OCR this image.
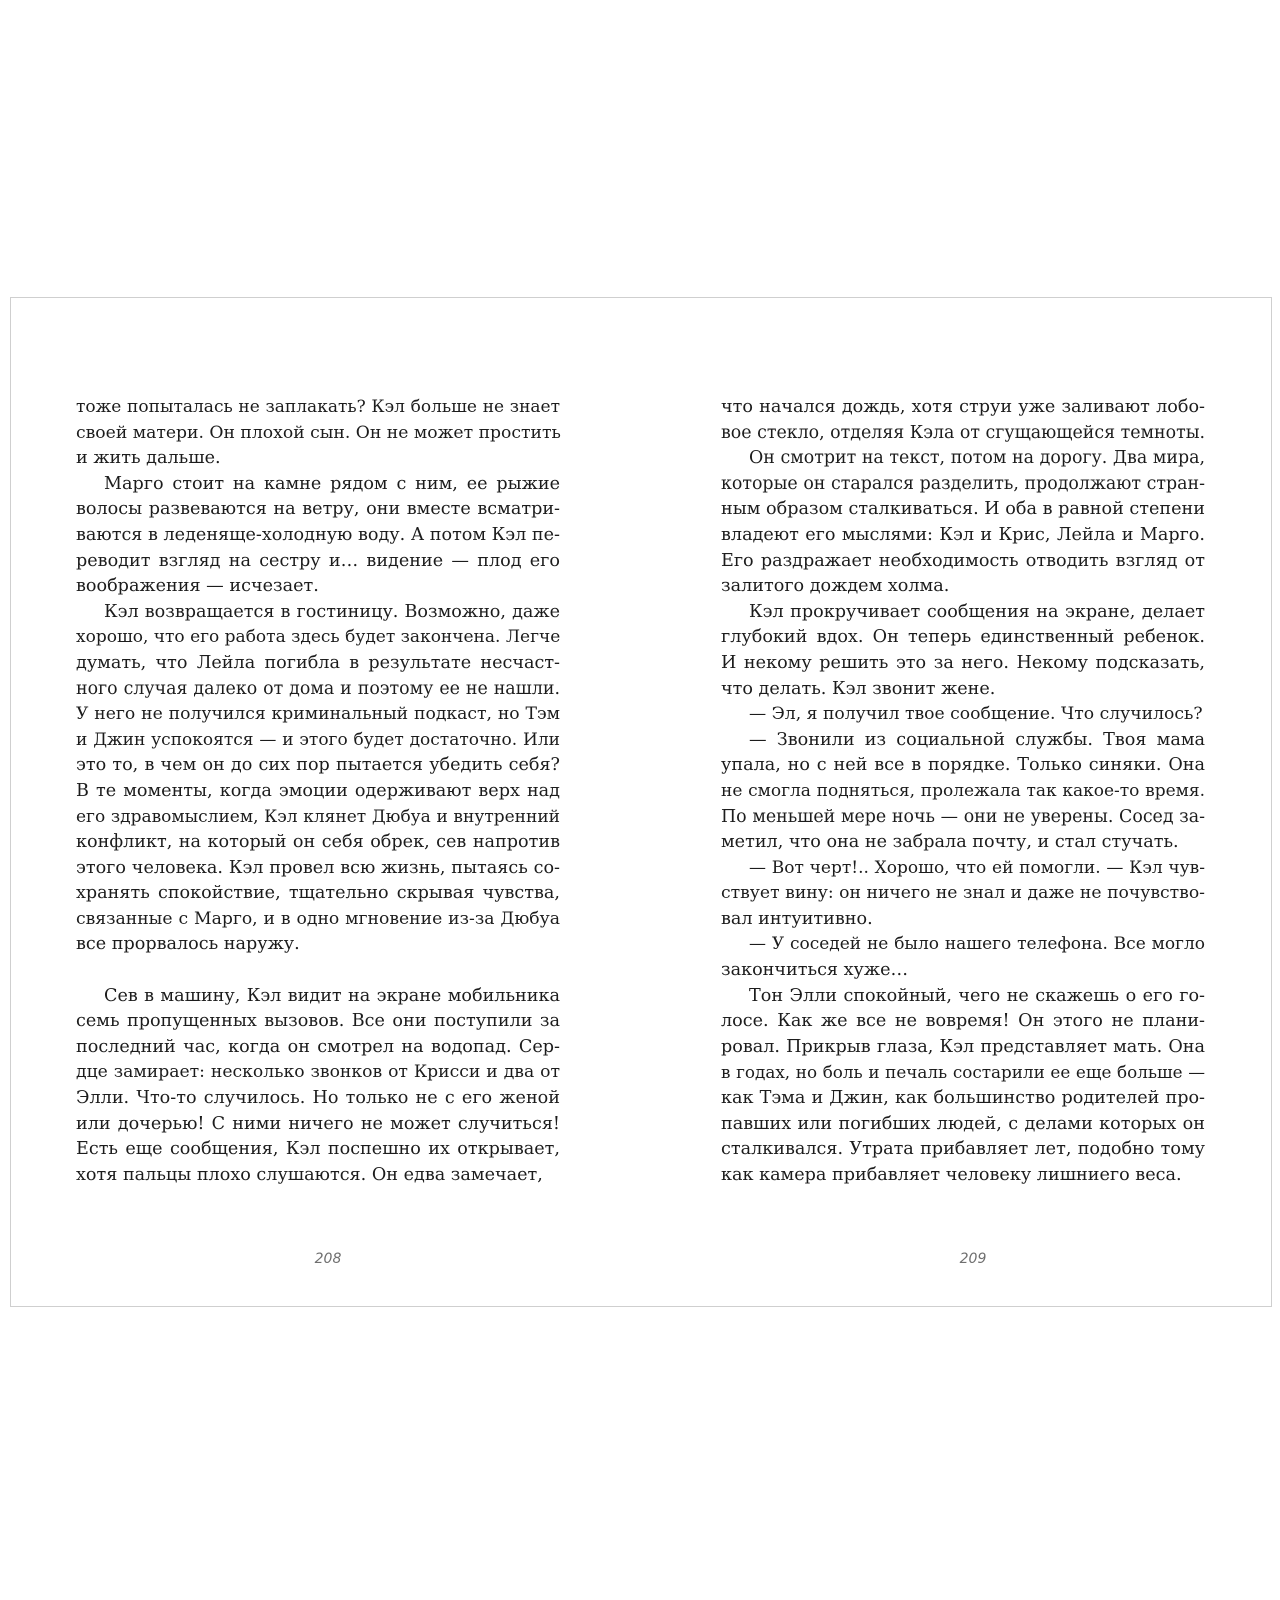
тоже попыталась не заплакать? Кэл больше не знает
своей матери. Он плохой сын. Он не может простить
и жить дальше.
Марго стоит на камне рядом с ним, ее рыжие
волосы развеваются на ветру, они вместе всматри-
ваются в леденяще-холодную воду. А потом Кэл пе-
реводит взгляд на сестру и… видение — плод его
воображения — исчезает.
Кэл возвращается в гостиницу. Возможно, даже
хорошо, что его работа здесь будет закончена. Легче
думать, что Лейла погибла в результате несчаст-
ного случая далеко от дома и поэтому ее не нашли.
У него не получился криминальный подкаст, но Тэм
и Джин успокоятся — и этого будет достаточно. Или
это то, в чем он до сих пор пытается убедить себя?
В те моменты, когда эмоции одерживают верх над
его здравомыслием, Кэл клянет Дюбуа и внутренний
конфликт, на который он себя обрек, сев напротив
этого человека. Кэл провел всю жизнь, пытаясь со-
хранять спокойствие, тщательно скрывая чувства,
связанные с Марго, и в одно мгновение из-за Дюбуа
все прорвалось наружу.
Сев в машину, Кэл видит на экране мобильника
семь пропущенных вызовов. Все они поступили за
последний час, когда он смотрел на водопад. Сер-
дце замирает: несколько звонков от Крисси и два от
Элли. Что-то случилось. Но только не с его женой
или дочерью! С ними ничего не может случиться!
Есть еще сообщения, Кэл поспешно их открывает,
хотя пальцы плохо слушаются. Он едва замечает,
208
что начался дождь, хотя струи уже заливают лобо-
вое стекло, отделяя Кэла от сгущающейся темноты.
Он смотрит на текст, потом на дорогу. Два мира,
которые он старался разделить, продолжают стран-
ным образом сталкиваться. И оба в равной степени
владеют его мыслями: Кэл и Крис, Лейла и Марго.
Его раздражает необходимость отводить взгляд от
залитого дождем холма.
Кэл прокручивает сообщения на экране, делает
глубокий вдох. Он теперь единственный ребенок.
И некому решить это за него. Некому подсказать,
что делать. Кэл звонит жене.
— Эл, я получил твое сообщение. Что случилось?
— Звонили из социальной службы. Твоя мама
упала, но с ней все в порядке. Только синяки. Она
не смогла подняться, пролежала так какое-то время.
По меньшей мере ночь — они не уверены. Сосед за-
метил, что она не забрала почту, и стал стучать.
— Вот черт!.. Хорошо, что ей помогли. — Кэл чув-
ствует вину: он ничего не знал и даже не почувство-
вал интуитивно.
— У соседей не было нашего телефона. Все могло
закончиться хуже…
Тон Элли спокойный, чего не скажешь о его го-
лосе. Как же все не вовремя! Он этого не плани-
ровал. Прикрыв глаза, Кэл представляет мать. Она
в годах, но боль и печаль состарили ее еще больше —
как Тэма и Джин, как большинство родителей про-
павших или погибших людей, с делами которых он
сталкивался. Утрата прибавляет лет, подобно тому
как камера прибавляет человеку лишниего веса.
209
